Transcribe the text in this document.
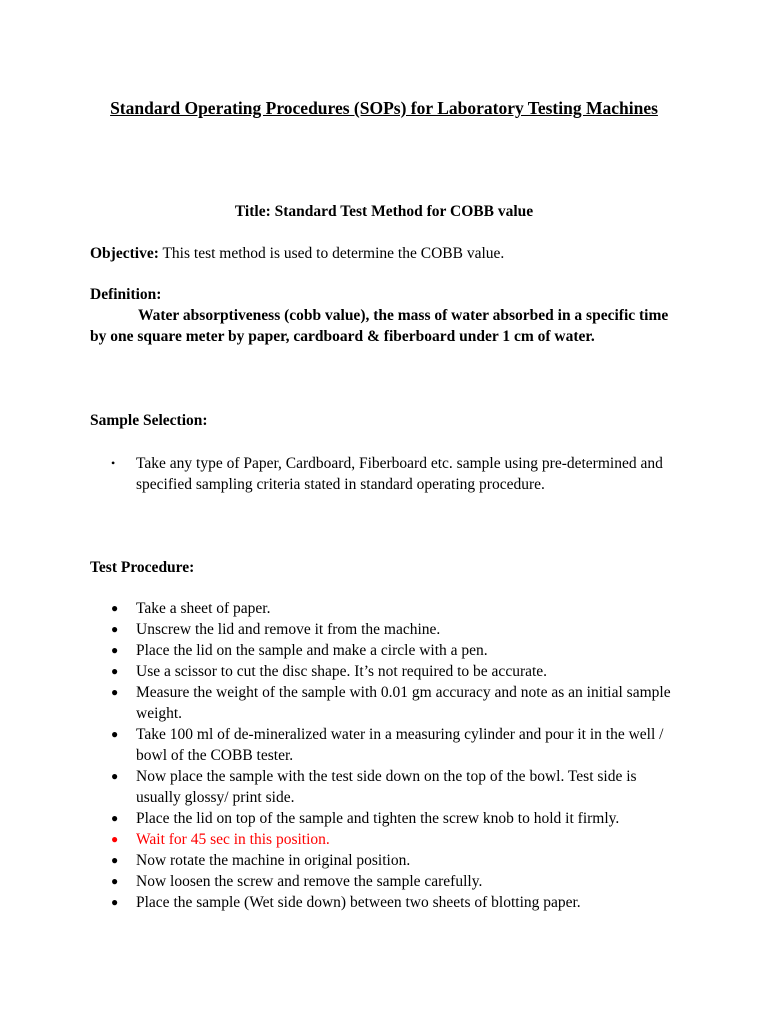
Standard Operating Procedures (SOPs) for Laboratory Testing Machines

Title: Standard Test Method for COBB value

Objective: This test method is used to determine the COBB value.

Definition:

Water absorptiveness (cobb value), the mass of water absorbed in a specific time by one square meter by paper, cardboard & fiberboard under 1 cm of water.

Sample Selection:

• Take any type of Paper, Cardboard, Fiberboard etc. sample using pre-determined and specified sampling criteria stated in standard operating procedure.

Test Procedure:

● Take a sheet of paper.
● Unscrew the lid and remove it from the machine.
● Place the lid on the sample and make a circle with a pen.
● Use a scissor to cut the disc shape. It’s not required to be accurate.
● Measure the weight of the sample with 0.01 gm accuracy and note as an initial sample weight.
● Take 100 ml of de-mineralized water in a measuring cylinder and pour it in the well / bowl of the COBB tester.
● Now place the sample with the test side down on the top of the bowl. Test side is usually glossy/ print side.
● Place the lid on top of the sample and tighten the screw knob to hold it firmly.
● Wait for 45 sec in this position.
● Now rotate the machine in original position.
● Now loosen the screw and remove the sample carefully.
● Place the sample (Wet side down) between two sheets of blotting paper.
